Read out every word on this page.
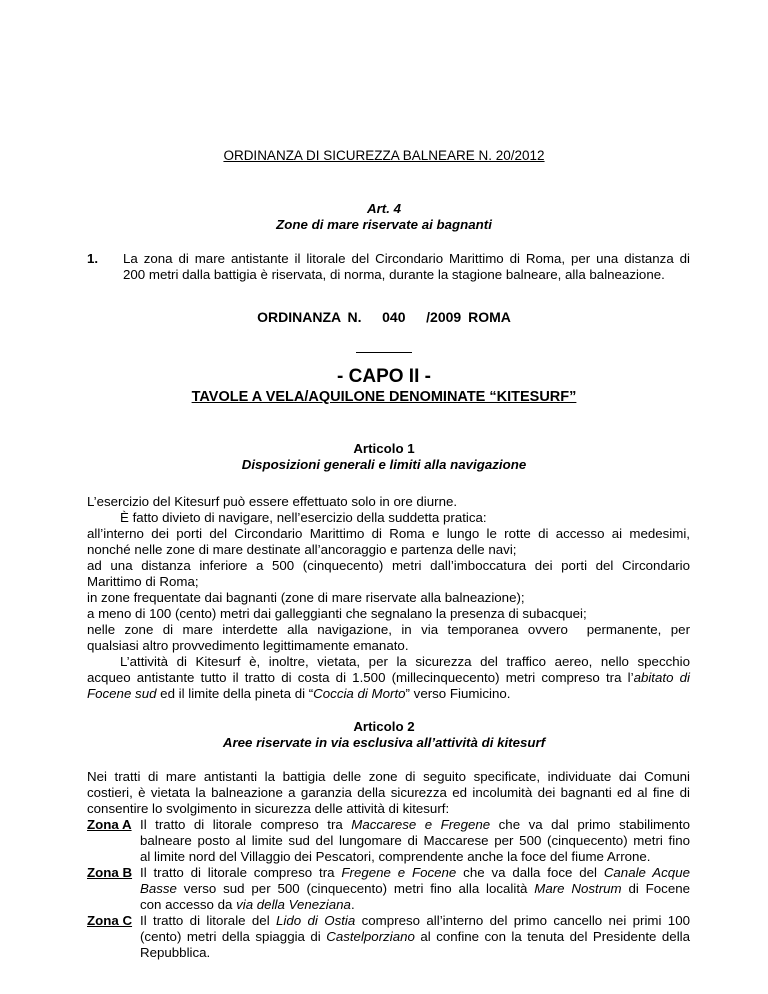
ORDINANZA DI SICUREZZA BALNEARE N. 20/2012
Art. 4
Zone di mare riservate ai bagnanti
1. La zona di mare antistante il litorale del Circondario Marittimo di Roma, per una distanza di
200 metri dalla battigia è riservata, di norma, durante la stagione balneare, alla balneazione.
ORDINANZA N.   040   /2009 ROMA
- CAPO II -
TAVOLE A VELA/AQUILONE DENOMINATE “KITESURF”
Articolo 1
Disposizioni generali e limiti alla navigazione
L’esercizio del Kitesurf può essere effettuato solo in ore diurne.
È fatto divieto di navigare, nell’esercizio della suddetta pratica:
all’interno dei porti del Circondario Marittimo di Roma e lungo le rotte di accesso ai medesimi,
nonché nelle zone di mare destinate all’ancoraggio e partenza delle navi;
ad una distanza inferiore a 500 (cinquecento) metri dall’imboccatura dei porti del Circondario
Marittimo di Roma;
in zone frequentate dai bagnanti (zone di mare riservate alla balneazione);
a meno di 100 (cento) metri dai galleggianti che segnalano la presenza di subacquei;
nelle zone di mare interdette alla navigazione, in via temporanea ovvero  permanente, per
qualsiasi altro provvedimento legittimamente emanato.
L’attività di Kitesurf è, inoltre, vietata, per la sicurezza del traffico aereo, nello specchio
acqueo antistante tutto il tratto di costa di 1.500 (millecinquecento) metri compreso tra l’abitato di
Focene sud ed il limite della pineta di “Coccia di Morto” verso Fiumicino.
Articolo 2
Aree riservate in via esclusiva all’attività di kitesurf
Nei tratti di mare antistanti la battigia delle zone di seguito specificate, individuate dai Comuni
costieri, è vietata la balneazione a garanzia della sicurezza ed incolumità dei bagnanti ed al fine di
consentire lo svolgimento in sicurezza delle attività di kitesurf:
Zona A Il tratto di litorale compreso tra Maccarese e Fregene che va dal primo stabilimento
balneare posto al limite sud del lungomare di Maccarese per 500 (cinquecento) metri fino
al limite nord del Villaggio dei Pescatori, comprendente anche la foce del fiume Arrone.
Zona B Il tratto di litorale compreso tra Fregene e Focene che va dalla foce del Canale Acque
Basse verso sud per 500 (cinquecento) metri fino alla località Mare Nostrum di Focene
con accesso da via della Veneziana.
Zona C Il tratto di litorale del Lido di Ostia compreso all’interno del primo cancello nei primi 100
(cento) metri della spiaggia di Castelporziano al confine con la tenuta del Presidente della
Repubblica.
